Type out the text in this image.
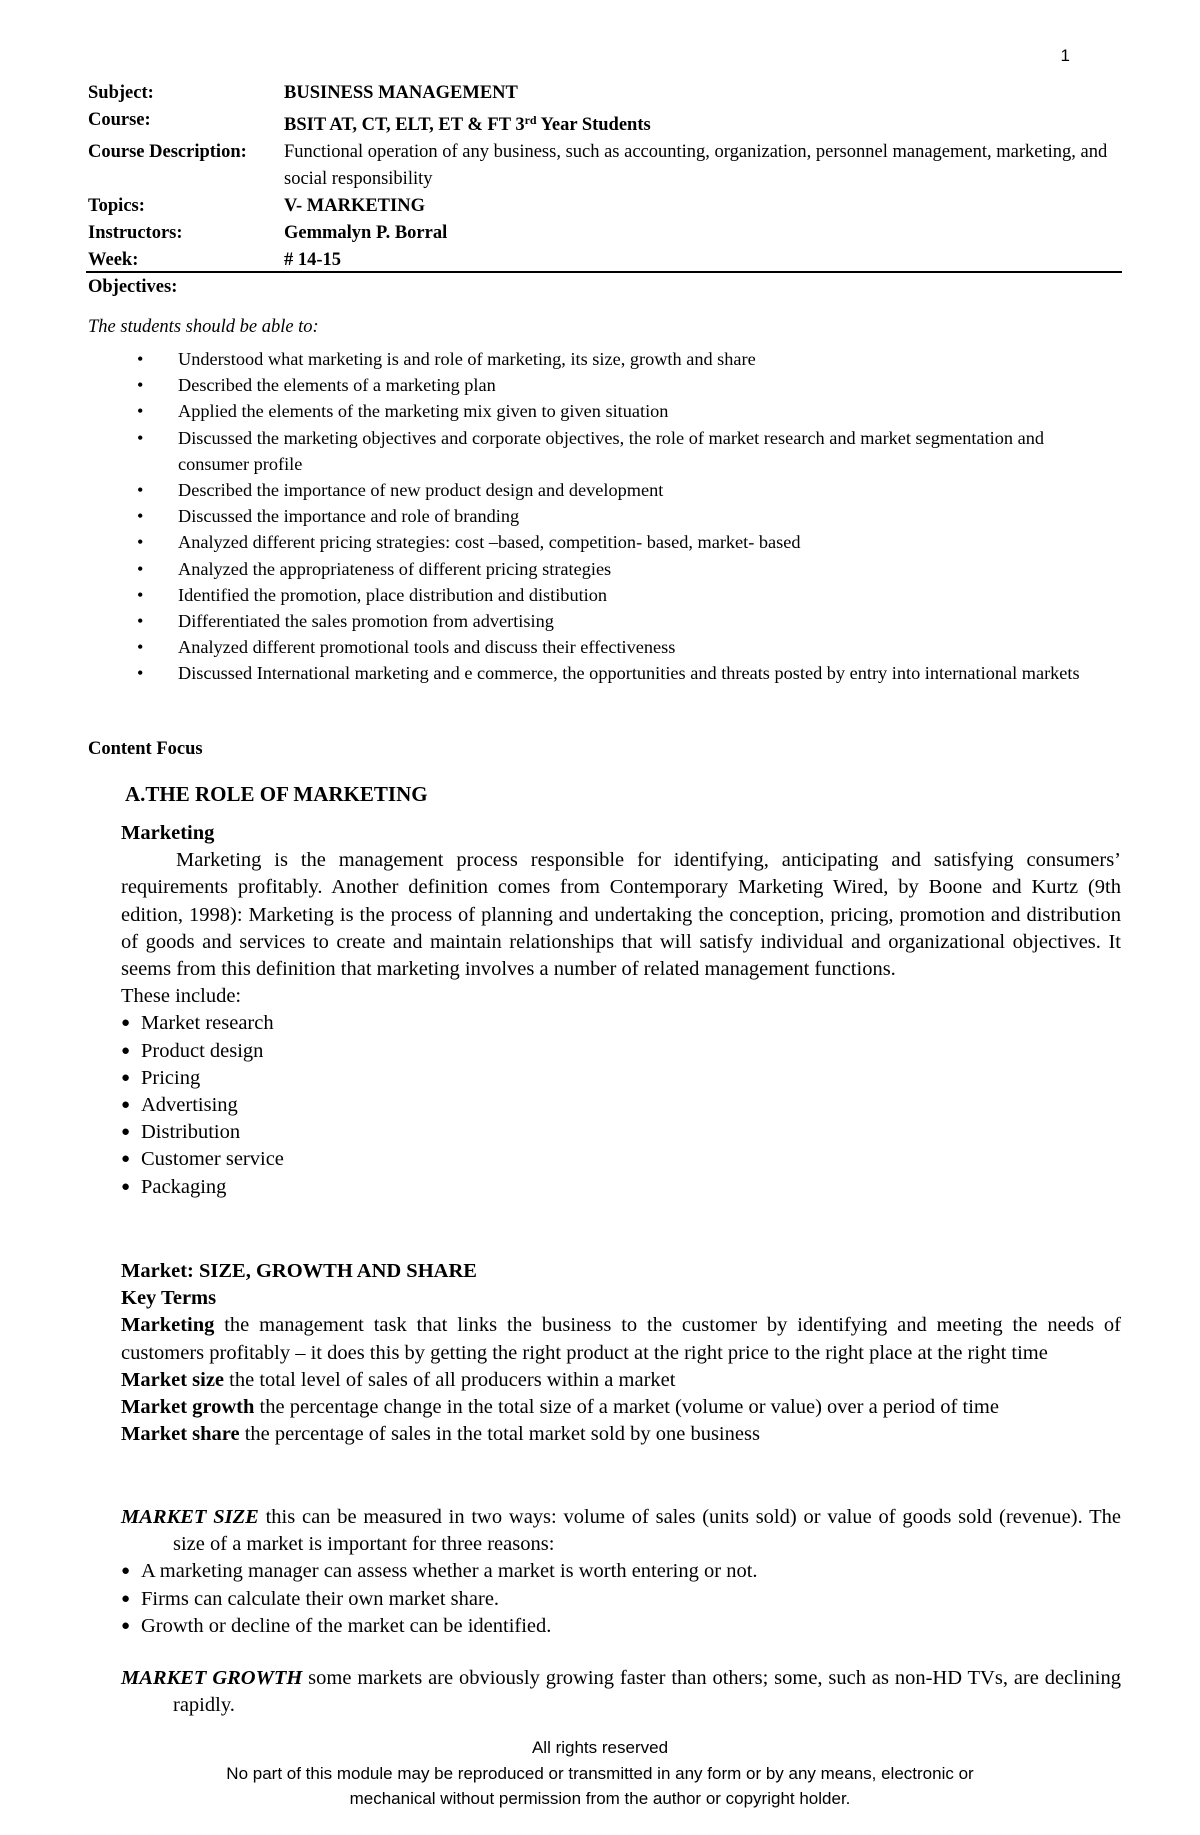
1
Subject:	BUSINESS MANAGEMENT
Course:	BSIT AT, CT, ELT, ET & FT 3rd Year Students
Course Description:	Functional operation of any business, such as accounting, organization, personnel management, marketing, and social responsibility
Topics:	V- MARKETING
Instructors:	Gemmalyn P. Borral
Week:	# 14-15
Objectives:
The students should be able to:
• Understood what marketing is and role of marketing, its size, growth and share
• Described the elements of a marketing plan
• Applied the elements of the marketing mix given to given situation
• Discussed the marketing objectives and corporate objectives, the role of market research and market segmentation and consumer profile
• Described the importance of new product design and development
• Discussed the importance and role of branding
• Analyzed different pricing strategies: cost –based, competition- based, market- based
• Analyzed the appropriateness of different pricing strategies
• Identified the promotion, place distribution and distibution
• Differentiated the sales promotion from advertising
• Analyzed different promotional tools and discuss their effectiveness
• Discussed International marketing and e commerce, the opportunities and threats posted by entry into international markets
Content Focus
A.THE ROLE OF MARKETING
Marketing
Marketing is the management process responsible for identifying, anticipating and satisfying consumers’ requirements profitably. Another definition comes from Contemporary Marketing Wired, by Boone and Kurtz (9th edition, 1998): Marketing is the process of planning and undertaking the conception, pricing, promotion and distribution of goods and services to create and maintain relationships that will satisfy individual and organizational objectives. It seems from this definition that marketing involves a number of related management functions.
These include:
● Market research
● Product design
● Pricing
● Advertising
● Distribution
● Customer service
● Packaging
Market: SIZE, GROWTH AND SHARE
Key Terms
Marketing the management task that links the business to the customer by identifying and meeting the needs of customers profitably – it does this by getting the right product at the right price to the right place at the right time
Market size the total level of sales of all producers within a market
Market growth the percentage change in the total size of a market (volume or value) over a period of time
Market share the percentage of sales in the total market sold by one business
MARKET SIZE this can be measured in two ways: volume of sales (units sold) or value of goods sold (revenue). The size of a market is important for three reasons:
● A marketing manager can assess whether a market is worth entering or not.
● Firms can calculate their own market share.
● Growth or decline of the market can be identified.
MARKET GROWTH some markets are obviously growing faster than others; some, such as non-HD TVs, are declining rapidly.
All rights reserved
No part of this module may be reproduced or transmitted in any form or by any means, electronic or
mechanical without permission from the author or copyright holder.
